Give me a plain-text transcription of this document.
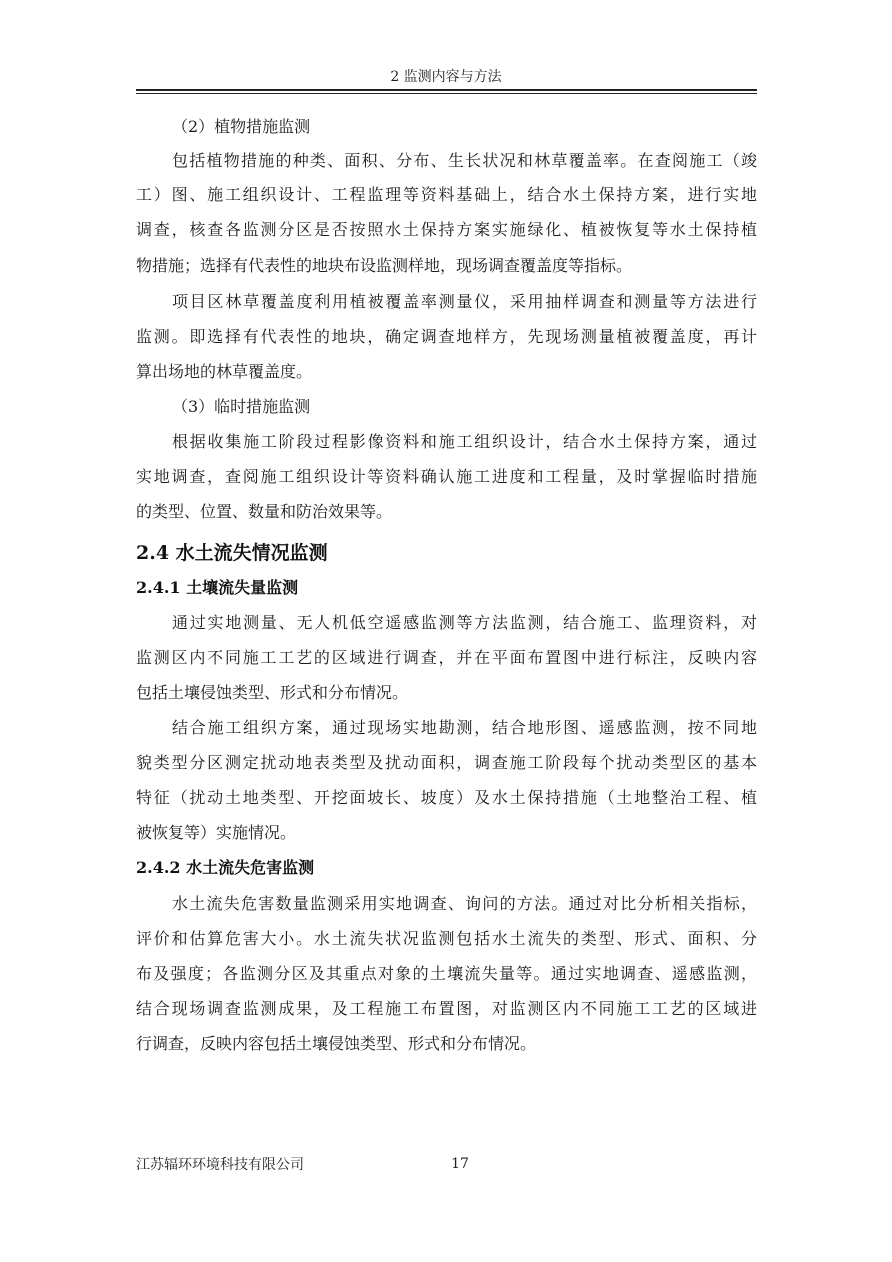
2 监测内容与方法
（2）植物措施监测
包括植物措施的种类、面积、分布、生长状况和林草覆盖率。在查阅施工（竣
工）图、施工组织设计、工程监理等资料基础上，结合水土保持方案，进行实地
调查，核查各监测分区是否按照水土保持方案实施绿化、植被恢复等水土保持植
物措施；选择有代表性的地块布设监测样地，现场调查覆盖度等指标。
项目区林草覆盖度利用植被覆盖率测量仪，采用抽样调查和测量等方法进行
监测。即选择有代表性的地块，确定调查地样方，先现场测量植被覆盖度，再计
算出场地的林草覆盖度。
（3）临时措施监测
根据收集施工阶段过程影像资料和施工组织设计，结合水土保持方案，通过
实地调查，查阅施工组织设计等资料确认施工进度和工程量，及时掌握临时措施
的类型、位置、数量和防治效果等。
2.4 水土流失情况监测
2.4.1 土壤流失量监测
通过实地测量、无人机低空遥感监测等方法监测，结合施工、监理资料，对
监测区内不同施工工艺的区域进行调查，并在平面布置图中进行标注，反映内容
包括土壤侵蚀类型、形式和分布情况。
结合施工组织方案，通过现场实地勘测，结合地形图、遥感监测，按不同地
貌类型分区测定扰动地表类型及扰动面积，调查施工阶段每个扰动类型区的基本
特征（扰动土地类型、开挖面坡长、坡度）及水土保持措施（土地整治工程、植
被恢复等）实施情况。
2.4.2 水土流失危害监测
水土流失危害数量监测采用实地调查、询问的方法。通过对比分析相关指标，
评价和估算危害大小。水土流失状况监测包括水土流失的类型、形式、面积、分
布及强度；各监测分区及其重点对象的土壤流失量等。通过实地调查、遥感监测，
结合现场调查监测成果，及工程施工布置图，对监测区内不同施工工艺的区域进
行调查，反映内容包括土壤侵蚀类型、形式和分布情况。
江苏辐环环境科技有限公司	17
